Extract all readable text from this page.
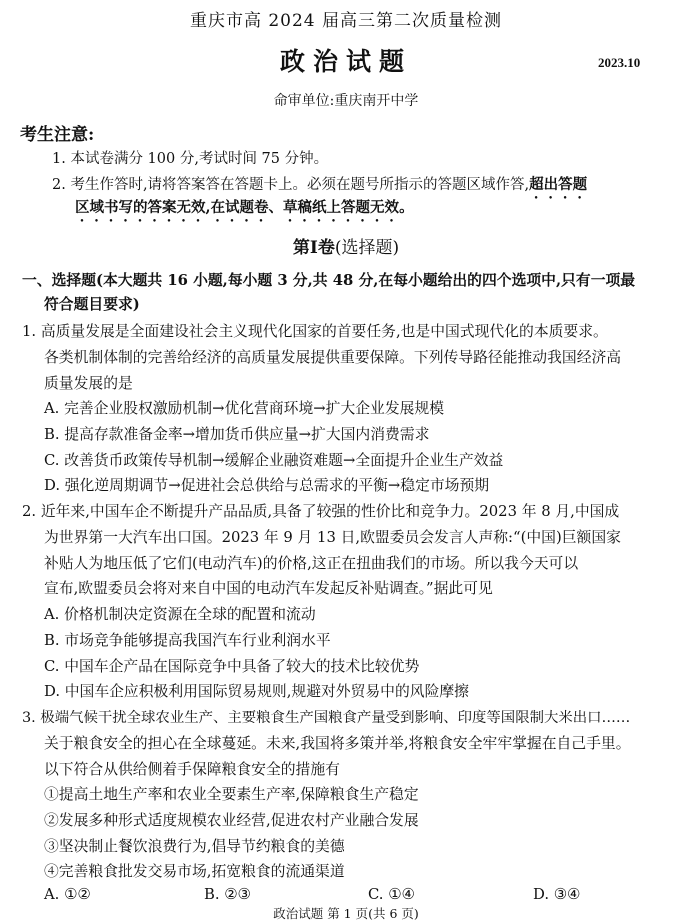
重庆市高 2024 届高三第二次质量检测
政治试题	2023.10
命审单位:重庆南开中学
考生注意:
1. 本试卷满分 100 分,考试时间 75 分钟。
2. 考生作答时,请将答案答在答题卡上。必须在题号所指示的答题区域作答,超出答题
区域书写的答案无效,在试题卷、草稿纸上答题无效。
第Ⅰ卷(选择题)
一、选择题(本大题共 16 小题,每小题 3 分,共 48 分,在每小题给出的四个选项中,只有一项最
符合题目要求)
1. 高质量发展是全面建设社会主义现代化国家的首要任务,也是中国式现代化的本质要求。
各类机制体制的完善给经济的高质量发展提供重要保障。下列传导路径能推动我国经济高
质量发展的是
A. 完善企业股权激励机制→优化营商环境→扩大企业发展规模
B. 提高存款准备金率→增加货币供应量→扩大国内消费需求
C. 改善货币政策传导机制→缓解企业融资难题→全面提升企业生产效益
D. 强化逆周期调节→促进社会总供给与总需求的平衡→稳定市场预期
2. 近年来,中国车企不断提升产品品质,具备了较强的性价比和竞争力。2023 年 8 月,中国成
为世界第一大汽车出口国。2023 年 9 月 13 日,欧盟委员会发言人声称:“(中国)巨额国家
补贴人为地压低了它们(电动汽车)的价格,这正在扭曲我们的市场。所以我今天可以
宣布,欧盟委员会将对来自中国的电动汽车发起反补贴调查。”据此可见
A. 价格机制决定资源在全球的配置和流动
B. 市场竞争能够提高我国汽车行业利润水平
C. 中国车企产品在国际竞争中具备了较大的技术比较优势
D. 中国车企应积极利用国际贸易规则,规避对外贸易中的风险摩擦
3. 极端气候干扰全球农业生产、主要粮食生产国粮食产量受到影响、印度等国限制大米出口……
关于粮食安全的担心在全球蔓延。未来,我国将多策并举,将粮食安全牢牢掌握在自己手里。
以下符合从供给侧着手保障粮食安全的措施有
①提高土地生产率和农业全要素生产率,保障粮食生产稳定
②发展多种形式适度规模农业经营,促进农村产业融合发展
③坚决制止餐饮浪费行为,倡导节约粮食的美德
④完善粮食批发交易市场,拓宽粮食的流通渠道
A. ①②	B. ②③	C. ①④	D. ③④
政治试题 第 1 页(共 6 页)
